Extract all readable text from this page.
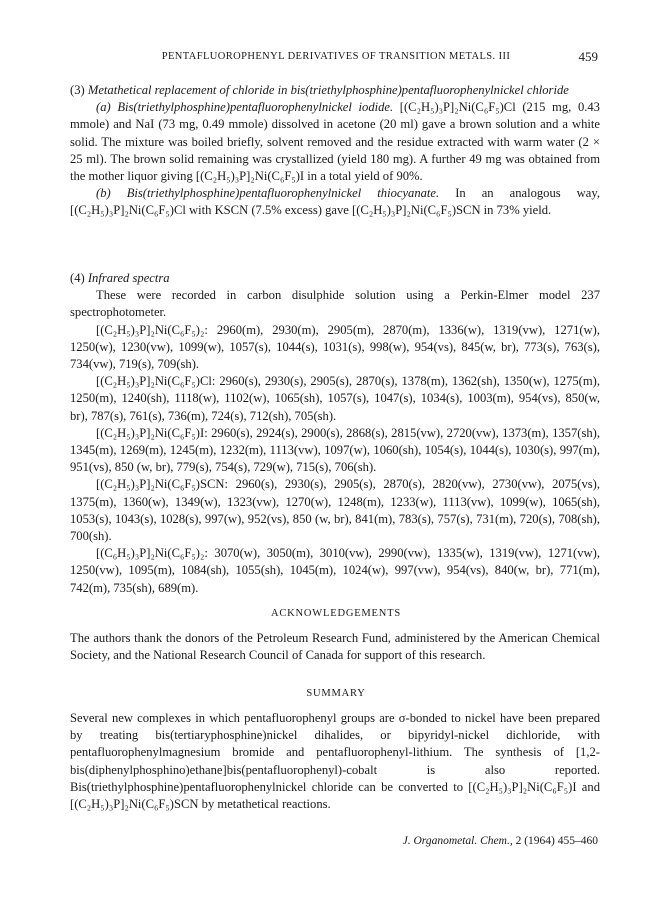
PENTAFLUOROPHENYL DERIVATIVES OF TRANSITION METALS. III	459

(3) Metathetical replacement of chloride in bis(triethylphosphine)pentafluorophenylnickel chloride

(a) Bis(triethylphosphine)pentafluorophenylnickel iodide. [(C₂H₅)₃P]₂Ni(C₆F₅)Cl (215 mg, 0.43 mmole) and NaI (73 mg, 0.49 mmole) dissolved in acetone (20 ml) gave a brown solution and a white solid. The mixture was boiled briefly, solvent removed and the residue extracted with warm water (2 × 25 ml). The brown solid remaining was crystallized (yield 180 mg). A further 49 mg was obtained from the mother liquor giving [(C₂H₅)₃P]₂Ni(C₆F₅)I in a total yield of 90%.

(b) Bis(triethylphosphine)pentafluorophenylnickel thiocyanate. In an analogous way, [(C₂H₅)₃P]₂Ni(C₆F₅)Cl with KSCN (7.5% excess) gave [(C₂H₅)₃P]₂Ni(C₆F₅)SCN in 73% yield.

(4) Infrared spectra

These were recorded in carbon disulphide solution using a Perkin-Elmer model 237 spectrophotometer.

[(C₂H₅)₃P]₂Ni(C₆F₅)₂: 2960(m), 2930(m), 2905(m), 2870(m), 1336(w), 1319(vw), 1271(w), 1250(w), 1230(vw), 1099(w), 1057(s), 1044(s), 1031(s), 998(w), 954(vs), 845(w, br), 773(s), 763(s), 734(vw), 719(s), 709(sh).

[(C₂H₅)₃P]₂Ni(C₆F₅)Cl: 2960(s), 2930(s), 2905(s), 2870(s), 1378(m), 1362(sh), 1350(w), 1275(m), 1250(m), 1240(sh), 1118(w), 1102(w), 1065(sh), 1057(s), 1047(s), 1034(s), 1003(m), 954(vs), 850(w, br), 787(s), 761(s), 736(m), 724(s), 712(sh), 705(sh).

[(C₂H₅)₃P]₂Ni(C₆F₅)I: 2960(s), 2924(s), 2900(s), 2868(s), 2815(vw), 2720(vw), 1373(m), 1357(sh), 1345(m), 1269(m), 1245(m), 1232(m), 1113(vw), 1097(w), 1060(sh), 1054(s), 1044(s), 1030(s), 997(m), 951(vs), 850 (w, br), 779(s), 754(s), 729(w), 715(s), 706(sh).

[(C₂H₅)₃P]₂Ni(C₆F₅)SCN: 2960(s), 2930(s), 2905(s), 2870(s), 2820(vw), 2730(vw), 2075(vs), 1375(m), 1360(w), 1349(w), 1323(vw), 1270(w), 1248(m), 1233(w), 1113(vw), 1099(w), 1065(sh), 1053(s), 1043(s), 1028(s), 997(w), 952(vs), 850 (w, br), 841(m), 783(s), 757(s), 731(m), 720(s), 708(sh), 700(sh).

[(C₆H₅)₃P]₂Ni(C₆F₅)₂: 3070(w), 3050(m), 3010(vw), 2990(vw), 1335(w), 1319(vw), 1271(vw), 1250(vw), 1095(m), 1084(sh), 1055(sh), 1045(m), 1024(w), 997(vw), 954(vs), 840(w, br), 771(m), 742(m), 735(sh), 689(m).

ACKNOWLEDGEMENTS

The authors thank the donors of the Petroleum Research Fund, administered by the American Chemical Society, and the National Research Council of Canada for support of this research.

SUMMARY

Several new complexes in which pentafluorophenyl groups are σ-bonded to nickel have been prepared by treating bis(tertiaryphosphine)nickel dihalides, or bipyridyl-nickel dichloride, with pentafluorophenylmagnesium bromide and pentafluorophenyl-lithium. The synthesis of [1,2-bis(diphenylphosphino)ethane]bis(pentafluorophenyl)-cobalt is also reported. Bis(triethylphosphine)pentafluorophenylnickel chloride can be converted to [(C₂H₅)₃P]₂Ni(C₆F₅)I and [(C₂H₅)₃P]₂Ni(C₆F₅)SCN by metathetical reactions.

J. Organometal. Chem., 2 (1964) 455–460
